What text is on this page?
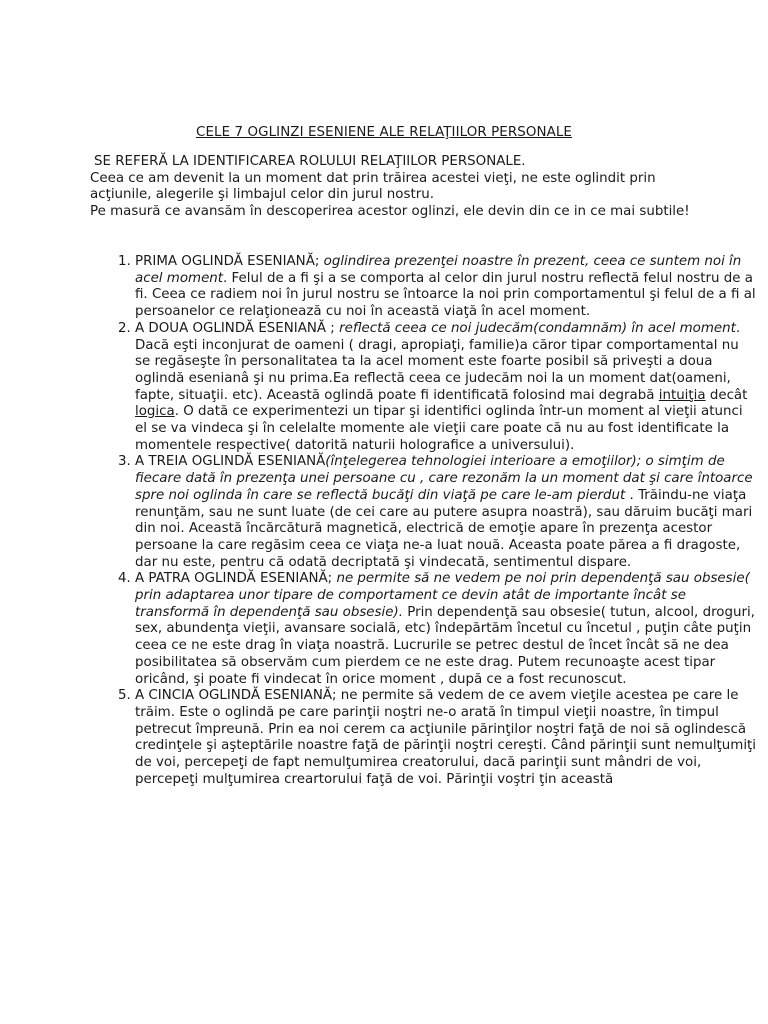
CELE 7 OGLINZI ESENIENE ALE RELAŢIILOR PERSONALE

SE REFERĂ LA IDENTIFICAREA ROLULUI RELAŢIILOR PERSONALE.

Ceea ce am devenit la un moment dat prin trăirea acestei vieţi, ne este oglindit prin acţiunile, alegerile şi limbajul celor din jurul nostru.

Pe masură ce avansăm în descoperirea acestor oglinzi, ele devin din ce in ce mai subtile!

1. PRIMA OGLINDĂ ESENIANĂ; oglindirea prezenţei noastre în prezent, ceea ce suntem noi în acel moment. Felul de a fi şi a se comporta al celor din jurul nostru reflectă felul nostru de a fi. Ceea ce radiem noi în jurul nostru se întoarce la noi prin comportamentul şi felul de a fi al persoanelor ce relaţionează cu noi în această viaţă în acel moment.
2. A DOUA OGLINDĂ ESENIANĂ ; reflectă ceea ce noi judecăm(condamnăm) în acel moment. Dacă eşti inconjurat de oameni ( dragi, apropiaţi, familie)a căror tipar comportamental nu se regăseşte în personalitatea ta la acel moment este foarte posibil să priveşti a doua oglindă esenianâ şi nu prima.Ea reflectă ceea ce judecăm noi la un moment dat(oameni, fapte, situaţii. etc). Această oglindă poate fi identificată folosind mai degrabă intuiţia decât logica. O dată ce experimentezi un tipar şi identifici oglinda într-un moment al vieţii atunci el se va vindeca şi în celelalte momente ale vieţii care poate că nu au fost identificate la momentele respective( datorită naturii holografice a universului).
3. A TREIA OGLINDĂ ESENIANĂ(înţelegerea tehnologiei interioare a emoţiilor); o simţim de fiecare dată în prezenţa unei persoane cu , care rezonăm la un moment dat şi care întoarce spre noi oglinda în care se reflectă bucăţi din viaţă pe care le-am pierdut . Trăindu-ne viaţa renunţăm, sau ne sunt luate (de cei care au putere asupra noastră), sau dăruim bucăţi mari din noi. Această încărcătură magnetică, electrică de emoţie apare în prezenţa acestor persoane la care regăsim ceea ce viaţa ne-a luat nouă. Aceasta poate părea a fi dragoste, dar nu este, pentru că odată decriptată şi vindecată, sentimentul dispare.
4. A PATRA OGLINDĂ ESENIANĂ; ne permite să ne vedem pe noi prin dependenţă sau obsesie( prin adaptarea unor tipare de comportament ce devin atât de importante încât se transformă în dependenţă sau obsesie). Prin dependenţă sau obsesie( tutun, alcool, droguri, sex, abundenţa vieţii, avansare socială, etc) îndepărtăm încetul cu încetul , puţin câte puţin ceea ce ne este drag în viaţa noastră. Lucrurile se petrec destul de încet încât să ne dea posibilitatea să observăm cum pierdem ce ne este drag. Putem recunoaşte acest tipar oricând, şi poate fi vindecat în orice moment , după ce a fost recunoscut.
5. A CINCIA OGLINDĂ ESENIANĂ; ne permite să vedem de ce avem vieţile acestea pe care le trăim. Este o oglindă pe care parinţii noştri ne-o arată în timpul vieţii noastre, în timpul petrecut împreună. Prin ea noi cerem ca acţiunile părinţilor noştri faţă de noi să oglindescă credinţele şi aşteptările noastre faţă de părinţii noştri cereşti. Când părinţii sunt nemulţumiţi de voi, percepeţi de fapt nemulţumirea creatorului, dacă parinţii sunt mândri de voi, percepeţi mulţumirea creartorului faţă de voi. Părinţii voştri ţin această
